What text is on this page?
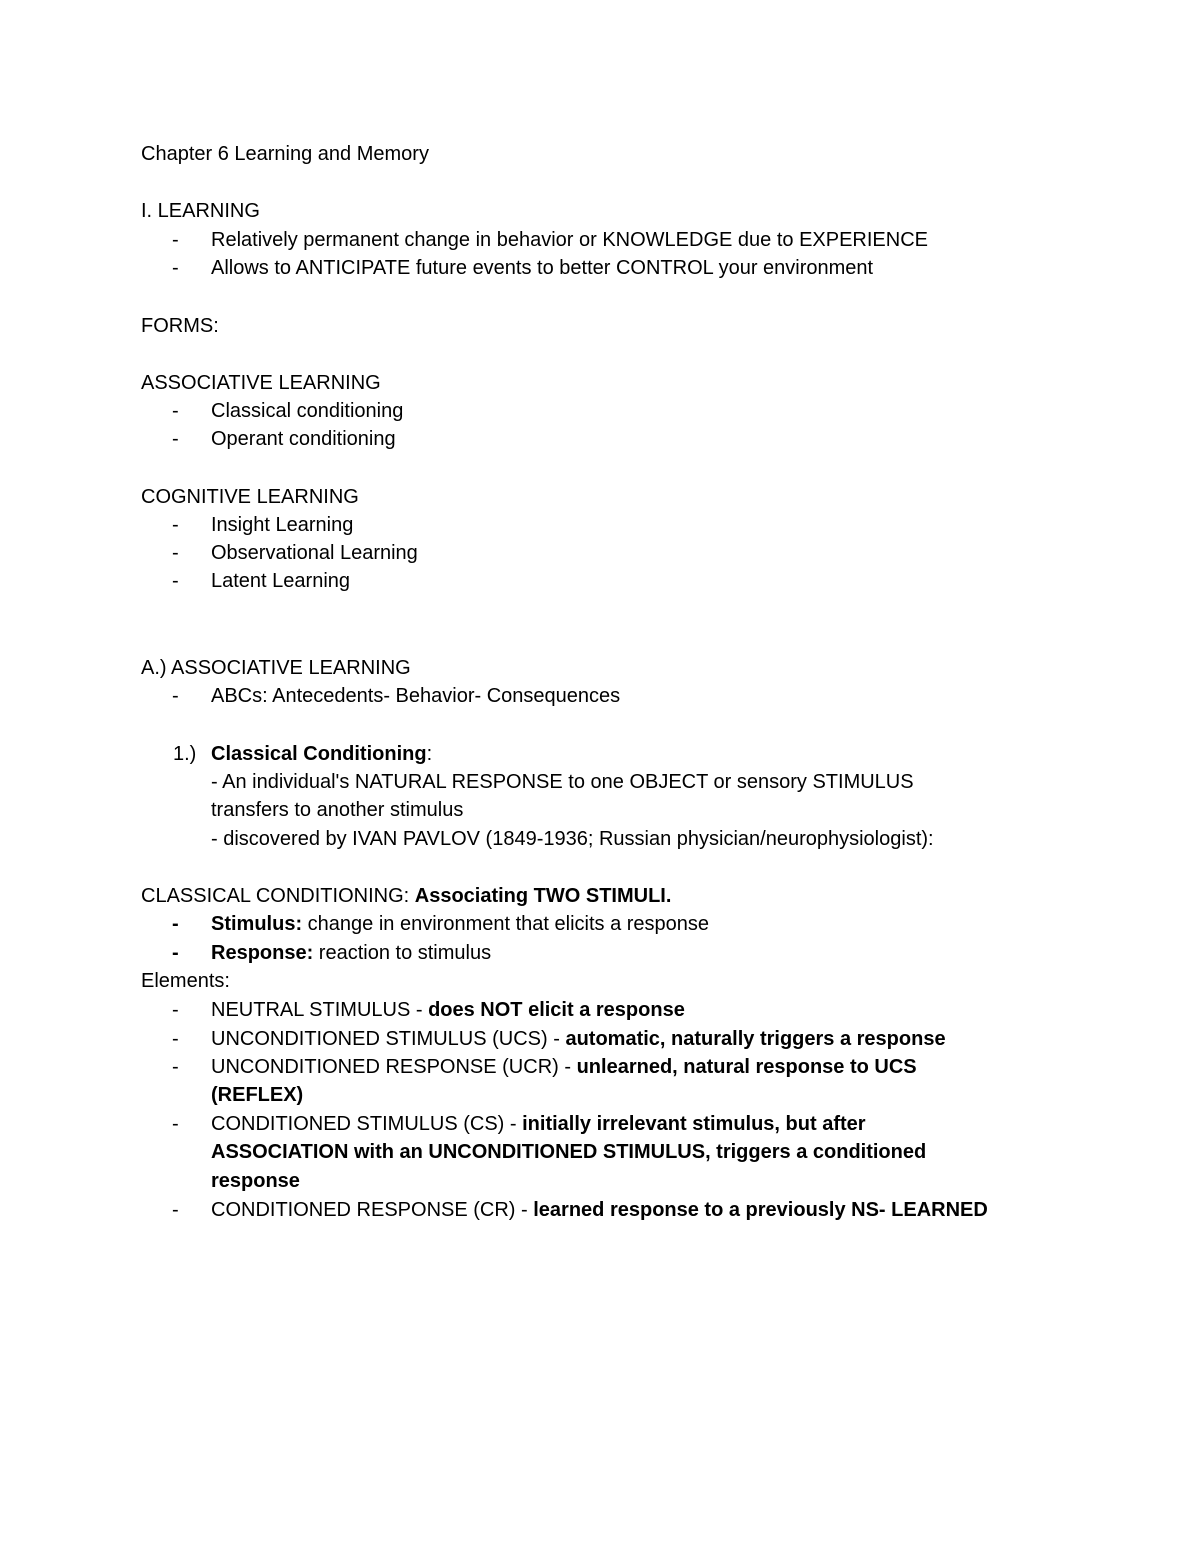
Chapter 6 Learning and Memory
I. LEARNING
- Relatively permanent change in behavior or KNOWLEDGE due to EXPERIENCE
- Allows to ANTICIPATE future events to better CONTROL your environment
FORMS:
ASSOCIATIVE LEARNING
- Classical conditioning
- Operant conditioning
COGNITIVE LEARNING
- Insight Learning
- Observational Learning
- Latent Learning
A.) ASSOCIATIVE LEARNING
- ABCs: Antecedents- Behavior- Consequences
1.) Classical Conditioning:
- An individual's NATURAL RESPONSE to one OBJECT or sensory STIMULUS
transfers to another stimulus
- discovered by IVAN PAVLOV (1849-1936; Russian physician/neurophysiologist):
CLASSICAL CONDITIONING: Associating TWO STIMULI.
- Stimulus: change in environment that elicits a response
- Response: reaction to stimulus
Elements:
- NEUTRAL STIMULUS - does NOT elicit a response
- UNCONDITIONED STIMULUS (UCS) - automatic, naturally triggers a response
- UNCONDITIONED RESPONSE (UCR) - unlearned, natural response to UCS
(REFLEX)
- CONDITIONED STIMULUS (CS) - initially irrelevant stimulus, but after
ASSOCIATION with an UNCONDITIONED STIMULUS, triggers a conditioned
response
- CONDITIONED RESPONSE (CR) - learned response to a previously NS- LEARNED
